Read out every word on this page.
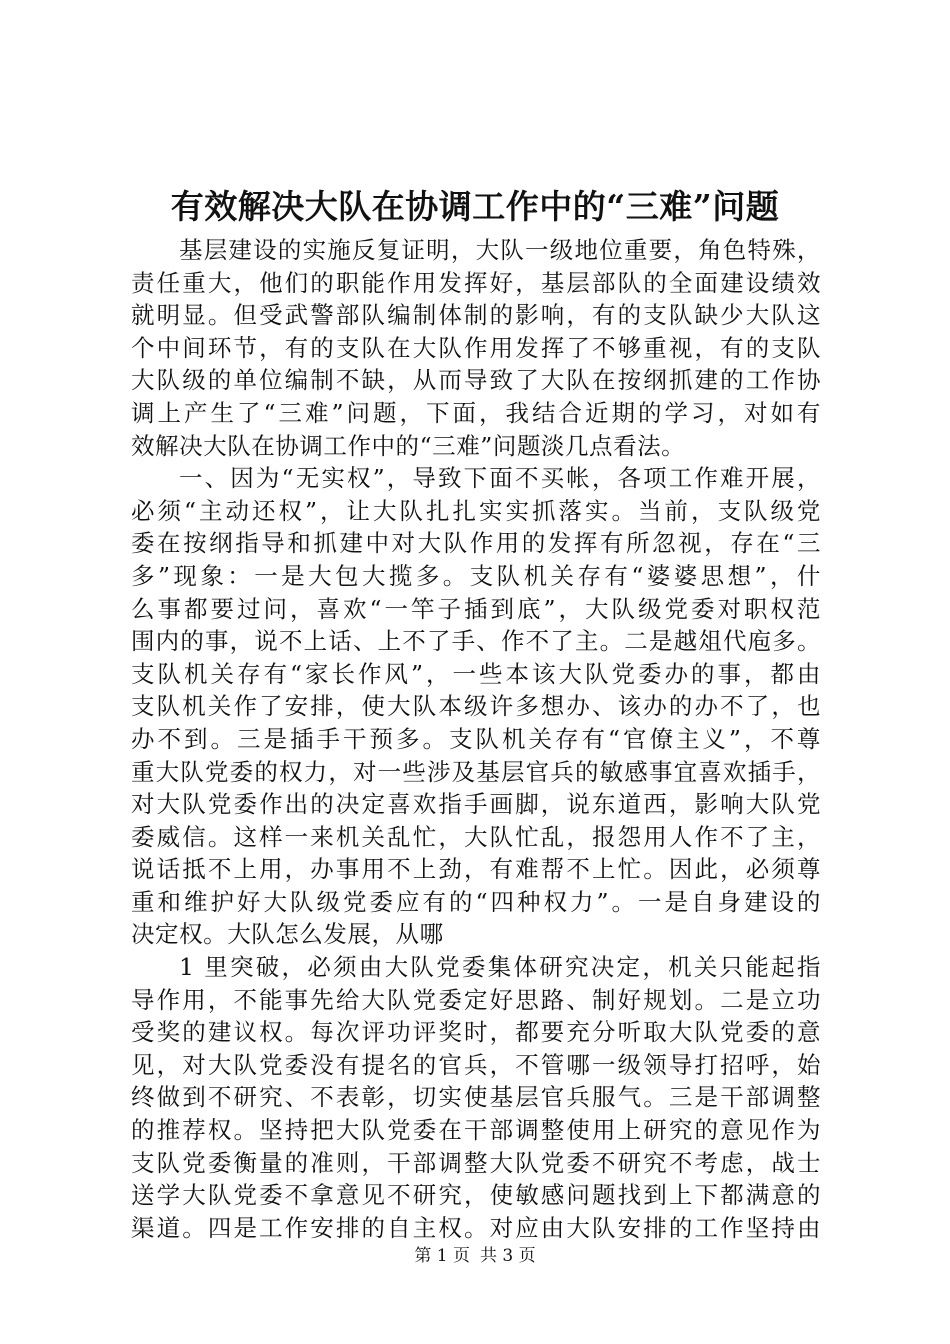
有效解决大队在协调工作中的“三难”问题
基层建设的实施反复证明，大队一级地位重要，角色特殊，
责任重大，他们的职能作用发挥好，基层部队的全面建设绩效
就明显。但受武警部队编制体制的影响，有的支队缺少大队这
个中间环节，有的支队在大队作用发挥了不够重视，有的支队
大队级的单位编制不缺，从而导致了大队在按纲抓建的工作协
调上产生了“三难”问题，下面，我结合近期的学习，对如有
效解决大队在协调工作中的“三难”问题淡几点看法。
一、因为“无实权”，导致下面不买帐，各项工作难开展，
必须“主动还权”，让大队扎扎实实抓落实。当前，支队级党
委在按纲指导和抓建中对大队作用的发挥有所忽视，存在“三
多”现象：一是大包大揽多。支队机关存有“婆婆思想”，什
么事都要过问，喜欢“一竿子插到底”，大队级党委对职权范
围内的事，说不上话、上不了手、作不了主。二是越俎代庖多。
支队机关存有“家长作风”，一些本该大队党委办的事，都由
支队机关作了安排，使大队本级许多想办、该办的办不了，也
办不到。三是插手干预多。支队机关存有“官僚主义”，不尊
重大队党委的权力，对一些涉及基层官兵的敏感事宜喜欢插手，
对大队党委作出的决定喜欢指手画脚，说东道西，影响大队党
委威信。这样一来机关乱忙，大队忙乱，报怨用人作不了主，
说话抵不上用，办事用不上劲，有难帮不上忙。因此，必须尊
重和维护好大队级党委应有的“四种权力”。一是自身建设的
决定权。大队怎么发展，从哪
1 里突破，必须由大队党委集体研究决定，机关只能起指
导作用，不能事先给大队党委定好思路、制好规划。二是立功
受奖的建议权。每次评功评奖时，都要充分听取大队党委的意
见，对大队党委没有提名的官兵，不管哪一级领导打招呼，始
终做到不研究、不表彰，切实使基层官兵服气。三是干部调整
的推荐权。坚持把大队党委在干部调整使用上研究的意见作为
支队党委衡量的准则，干部调整大队党委不研究不考虑，战士
送学大队党委不拿意见不研究，使敏感问题找到上下都满意的
渠道。四是工作安排的自主权。对应由大队安排的工作坚持由
第 1 页 共 3 页
